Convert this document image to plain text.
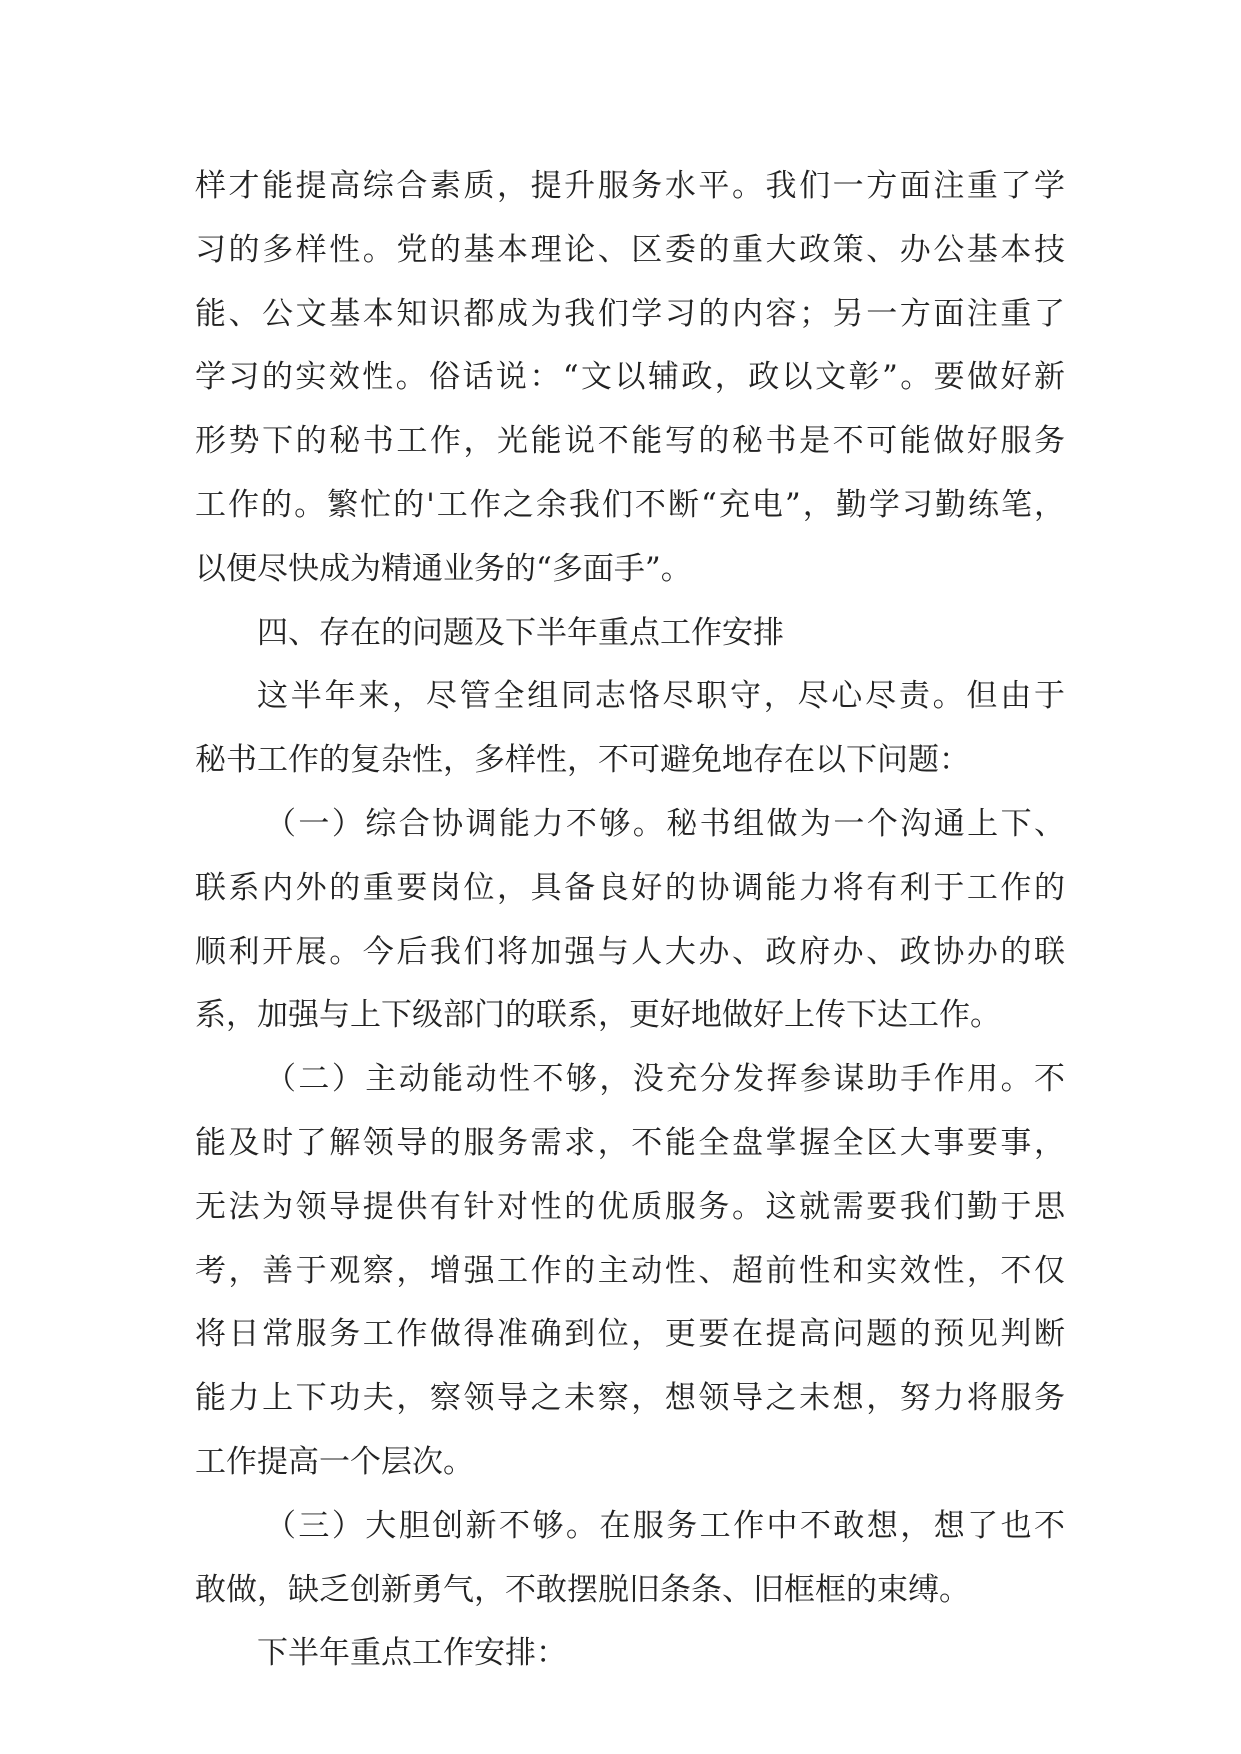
样才能提高综合素质，提升服务水平。我们一方面注重了学
习的多样性。党的基本理论、区委的重大政策、办公基本技
能、公文基本知识都成为我们学习的内容；另一方面注重了
学习的实效性。俗话说：“文以辅政，政以文彰”。要做好新
形势下的秘书工作，光能说不能写的秘书是不可能做好服务
工作的。繁忙的'工作之余我们不断“充电”，勤学习勤练笔，
以便尽快成为精通业务的“多面手”。
四、存在的问题及下半年重点工作安排
这半年来，尽管全组同志恪尽职守，尽心尽责。但由于
秘书工作的复杂性，多样性，不可避免地存在以下问题：
（一）综合协调能力不够。秘书组做为一个沟通上下、
联系内外的重要岗位，具备良好的协调能力将有利于工作的
顺利开展。今后我们将加强与人大办、政府办、政协办的联
系，加强与上下级部门的联系，更好地做好上传下达工作。
（二）主动能动性不够，没充分发挥参谋助手作用。不
能及时了解领导的服务需求，不能全盘掌握全区大事要事，
无法为领导提供有针对性的优质服务。这就需要我们勤于思
考，善于观察，增强工作的主动性、超前性和实效性，不仅
将日常服务工作做得准确到位，更要在提高问题的预见判断
能力上下功夫，察领导之未察，想领导之未想，努力将服务
工作提高一个层次。
（三）大胆创新不够。在服务工作中不敢想，想了也不
敢做，缺乏创新勇气，不敢摆脱旧条条、旧框框的束缚。
下半年重点工作安排：
